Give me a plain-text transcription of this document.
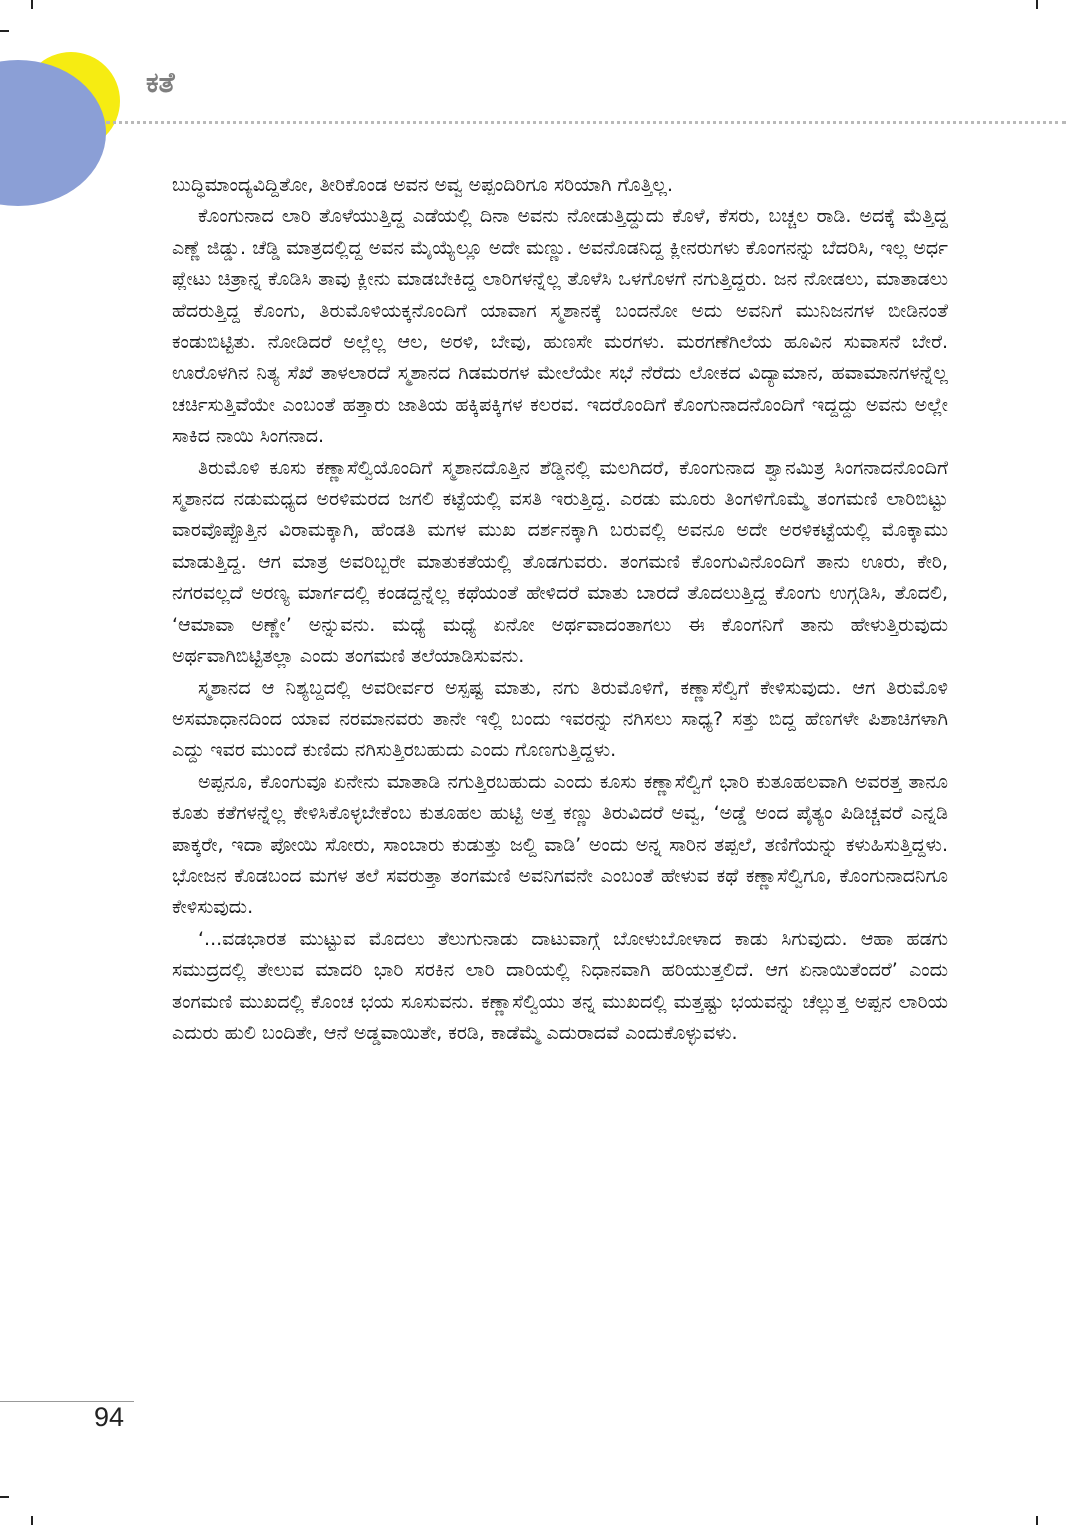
ಕತೆ

ಬುದ್ಧಿಮಾಂದ್ಯವಿದ್ದಿತೋ, ತೀರಿಕೊಂಡ ಅವನ ಅವ್ವ ಅಪ್ಪಂದಿರಿಗೂ ಸರಿಯಾಗಿ ಗೊತ್ತಿಲ್ಲ.

ಕೊಂಗುನಾದ ಲಾರಿ ತೊಳೆಯುತ್ತಿದ್ದ ಎಡೆಯಲ್ಲಿ ದಿನಾ ಅವನು ನೋಡುತ್ತಿದ್ದುದು ಕೊಳೆ, ಕೆಸರು, ಬಚ್ಚಲ ರಾಡಿ. ಅದಕ್ಕೆ ಮೆತ್ತಿದ್ದ ಎಣ್ಣೆ ಜಿಡ್ಡು. ಚೆಡ್ಡಿ ಮಾತ್ರದಲ್ಲಿದ್ದ ಅವನ ಮೈಯ್ಯೆಲ್ಲೂ ಅದೇ ಮಣ್ಣು. ಅವನೊಡನಿದ್ದ ಕ್ಲೀನರುಗಳು ಕೊಂಗನನ್ನು ಬೆದರಿಸಿ, ಇಲ್ಲ ಅರ್ಧ ಪ್ಲೇಟು ಚಿತ್ರಾನ್ನ ಕೊಡಿಸಿ ತಾವು ಕ್ಲೀನು ಮಾಡಬೇಕಿದ್ದ ಲಾರಿಗಳನ್ನೆಲ್ಲ ತೊಳೆಸಿ ಒಳಗೊಳಗೆ ನಗುತ್ತಿದ್ದರು. ಜನ ನೋಡಲು, ಮಾತಾಡಲು ಹೆದರುತ್ತಿದ್ದ ಕೊಂಗು, ತಿರುಮೊಳಿಯಕ್ಕನೊಂದಿಗೆ ಯಾವಾಗ ಸ್ಮಶಾನಕ್ಕೆ ಬಂದನೋ ಅದು ಅವನಿಗೆ ಮುನಿಜನಗಳ ಬೀಡಿನಂತೆ ಕಂಡುಬಿಟ್ಟಿತು. ನೋಡಿದರೆ ಅಲ್ಲೆಲ್ಲ ಆಲ, ಅರಳಿ, ಬೇವು, ಹುಣಸೇ ಮರಗಳು. ಮರಗಣೆಗಿಲೆಯ ಹೂವಿನ ಸುವಾಸನೆ ಬೇರೆ. ಊರೊಳಗಿನ ನಿತ್ಯ ಸೆಖೆ ತಾಳಲಾರದೆ ಸ್ಮಶಾನದ ಗಿಡಮರಗಳ ಮೇಲೆಯೇ ಸಭೆ ನೆರೆದು ಲೋಕದ ವಿದ್ಯಾಮಾನ, ಹವಾಮಾನಗಳನ್ನೆಲ್ಲ ಚರ್ಚಿಸುತ್ತಿವೆಯೇ ಎಂಬಂತೆ ಹತ್ತಾರು ಜಾತಿಯ ಹಕ್ಕಿಪಕ್ಕಿಗಳ ಕಲರವ. ಇದರೊಂದಿಗೆ ಕೊಂಗುನಾದನೊಂದಿಗೆ ಇದ್ದದ್ದು ಅವನು ಅಲ್ಲೇ ಸಾಕಿದ ನಾಯಿ ಸಿಂಗನಾದ.

ತಿರುಮೊಳಿ ಕೂಸು ಕಣ್ಣಾಸೆಲ್ವಿಯೊಂದಿಗೆ ಸ್ಮಶಾನದೊತ್ತಿನ ಶೆಡ್ಡಿನಲ್ಲಿ ಮಲಗಿದರೆ, ಕೊಂಗುನಾದ ಶ್ವಾನಮಿತ್ರ ಸಿಂಗನಾದನೊಂದಿಗೆ ಸ್ಮಶಾನದ ನಡುಮಧ್ಯದ ಅರಳಿಮರದ ಜಗಲಿ ಕಟ್ಟೆಯಲ್ಲಿ ವಸತಿ ಇರುತ್ತಿದ್ದ. ಎರಡು ಮೂರು ತಿಂಗಳಿಗೊಮ್ಮೆ ತಂಗಮಣಿ ಲಾರಿಬಿಟ್ಟು ವಾರವೊಪ್ಪೊತ್ತಿನ ವಿರಾಮಕ್ಕಾಗಿ, ಹೆಂಡತಿ ಮಗಳ ಮುಖ ದರ್ಶನಕ್ಕಾಗಿ ಬರುವಲ್ಲಿ ಅವನೂ ಅದೇ ಅರಳಿಕಟ್ಟೆಯಲ್ಲಿ ಮೊಕ್ಕಾಮು ಮಾಡುತ್ತಿದ್ದ. ಆಗ ಮಾತ್ರ ಅವರಿಬ್ಬರೇ ಮಾತುಕತೆಯಲ್ಲಿ ತೊಡಗುವರು. ತಂಗಮಣಿ ಕೊಂಗುವಿನೊಂದಿಗೆ ತಾನು ಊರು, ಕೇರಿ, ನಗರವಲ್ಲದೆ ಅರಣ್ಯ ಮಾರ್ಗದಲ್ಲಿ ಕಂಡದ್ದನ್ನೆಲ್ಲ ಕಥೆಯಂತೆ ಹೇಳಿದರೆ ಮಾತು ಬಾರದೆ ತೊದಲುತ್ತಿದ್ದ ಕೊಂಗು ಉಗ್ಗಡಿಸಿ, ತೊದಲಿ, ‘ಆಮಾವಾ ಅಣ್ಣೇ’ ಅನ್ನುವನು. ಮಧ್ಯೆ ಮಧ್ಯೆ ಏನೋ ಅರ್ಥವಾದಂತಾಗಲು ಈ ಕೊಂಗನಿಗೆ ತಾನು ಹೇಳುತ್ತಿರುವುದು ಅರ್ಥವಾಗಿಬಿಟ್ಟಿತಲ್ಲಾ ಎಂದು ತಂಗಮಣಿ ತಲೆಯಾಡಿಸುವನು.

ಸ್ಮಶಾನದ ಆ ನಿಶ್ಯಬ್ದದಲ್ಲಿ ಅವರೀರ್ವರ ಅಸ್ಪಷ್ಟ ಮಾತು, ನಗು ತಿರುಮೊಳಿಗೆ, ಕಣ್ಣಾಸೆಲ್ವಿಗೆ ಕೇಳಿಸುವುದು. ಆಗ ತಿರುಮೊಳಿ ಅಸಮಾಧಾನದಿಂದ ಯಾವ ನರಮಾನವರು ತಾನೇ ಇಲ್ಲಿ ಬಂದು ಇವರನ್ನು ನಗಿಸಲು ಸಾಧ್ಯ? ಸತ್ತು ಬಿದ್ದ ಹೆಣಗಳೇ ಪಿಶಾಚಿಗಳಾಗಿ ಎದ್ದು ಇವರ ಮುಂದೆ ಕುಣಿದು ನಗಿಸುತ್ತಿರಬಹುದು ಎಂದು ಗೊಣಗುತ್ತಿದ್ದಳು.

ಅಪ್ಪನೂ, ಕೊಂಗುವೂ ಏನೇನು ಮಾತಾಡಿ ನಗುತ್ತಿರಬಹುದು ಎಂದು ಕೂಸು ಕಣ್ಣಾಸೆಲ್ವಿಗೆ ಭಾರಿ ಕುತೂಹಲವಾಗಿ ಅವರತ್ತ ತಾನೂ ಕೂತು ಕತೆಗಳನ್ನೆಲ್ಲ ಕೇಳಿಸಿಕೊಳ್ಳಬೇಕೆಂಬ ಕುತೂಹಲ ಹುಟ್ಟಿ ಅತ್ತ ಕಣ್ಣು ತಿರುವಿದರೆ ಅವ್ವ, ‘ಅಡ್ಡೆ ಅಂದ ಪೈತ್ಯಂ ಪಿಡಿಚ್ಚವರೆ ಎನ್ನಡಿ ಪಾಕ್ಕರೇ, ಇದಾ ಪೋಯಿ ಸೋರು, ಸಾಂಬಾರು ಕುಡುತ್ತು ಜಲ್ದಿ ವಾಡಿ’ ಅಂದು ಅನ್ನ ಸಾರಿನ ತಪ್ಪಲೆ, ತಣಿಗೆಯನ್ನು ಕಳುಹಿಸುತ್ತಿದ್ದಳು. ಭೋಜನ ಕೊಡಬಂದ ಮಗಳ ತಲೆ ಸವರುತ್ತಾ ತಂಗಮಣಿ ಅವನಿಗವನೇ ಎಂಬಂತೆ ಹೇಳುವ ಕಥೆ ಕಣ್ಣಾಸೆಲ್ವಿಗೂ, ಕೊಂಗುನಾದನಿಗೂ ಕೇಳಿಸುವುದು.

‘...ವಡಭಾರತ ಮುಟ್ಟುವ ಮೊದಲು ತೆಲುಗುನಾಡು ದಾಟುವಾಗ್ಗೆ ಬೋಳುಬೋಳಾದ ಕಾಡು ಸಿಗುವುದು. ಆಹಾ ಹಡಗು ಸಮುದ್ರದಲ್ಲಿ ತೇಲುವ ಮಾದರಿ ಭಾರಿ ಸರಕಿನ ಲಾರಿ ದಾರಿಯಲ್ಲಿ ನಿಧಾನವಾಗಿ ಹರಿಯುತ್ತಲಿದೆ. ಆಗ ಏನಾಯಿತೆಂದರೆ’ ಎಂದು ತಂಗಮಣಿ ಮುಖದಲ್ಲಿ ಕೊಂಚ ಭಯ ಸೂಸುವನು. ಕಣ್ಣಾಸೆಲ್ವಿಯು ತನ್ನ ಮುಖದಲ್ಲಿ ಮತ್ತಷ್ಟು ಭಯವನ್ನು ಚೆಲ್ಲುತ್ತ ಅಪ್ಪನ ಲಾರಿಯ ಎದುರು ಹುಲಿ ಬಂದಿತೇ, ಆನೆ ಅಡ್ಡವಾಯಿತೇ, ಕರಡಿ, ಕಾಡೆಮ್ಮೆ ಎದುರಾದವೆ ಎಂದುಕೊಳ್ಳುವಳು.

94
